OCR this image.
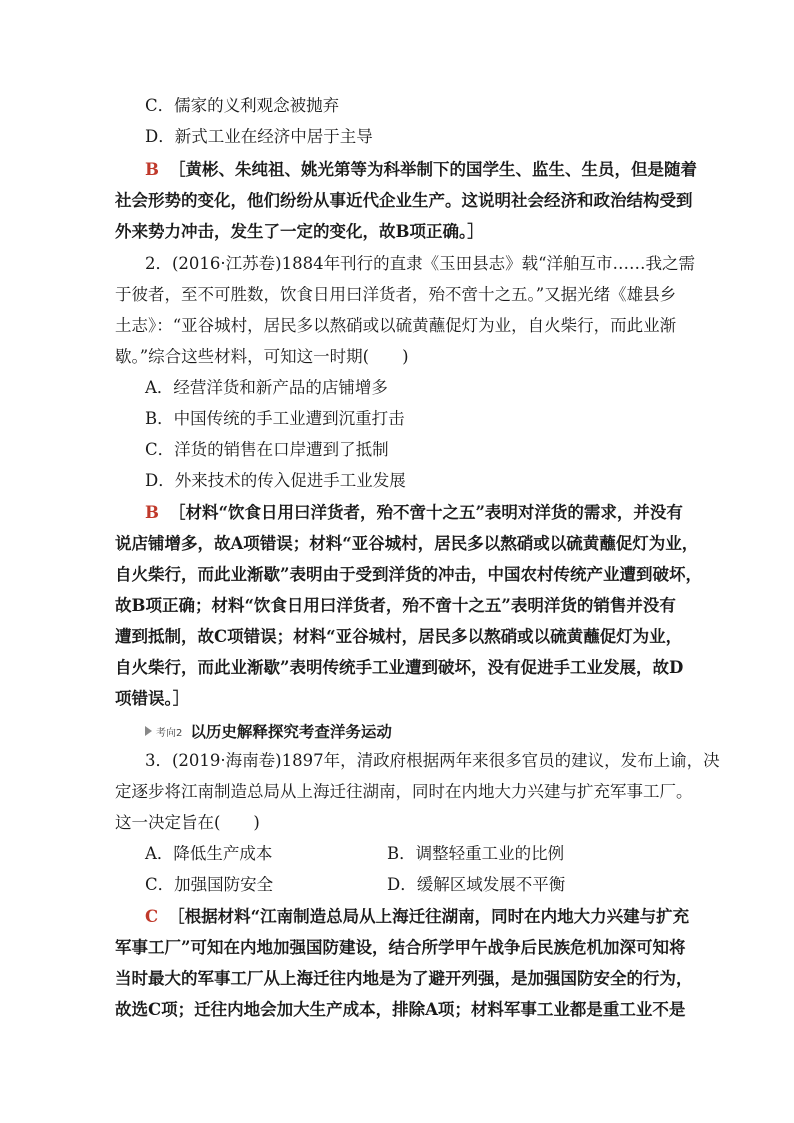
C．儒家的义利观念被抛弃
D．新式工业在经济中居于主导
B ［黄彬、朱纯祖、姚光第等为科举制下的国学生、监生、生员，但是随着
社会形势的变化，他们纷纷从事近代企业生产。这说明社会经济和政治结构受到
外来势力冲击，发生了一定的变化，故B项正确。］
2．(2016·江苏卷)1884年刊行的直隶《玉田县志》载“洋舶互市……我之需
于彼者，至不可胜数，饮食日用曰洋货者，殆不啻十之五。”又据光绪《雄县乡
土志》：“亚谷城村，居民多以熬硝或以硫黄蘸促灯为业，自火柴行，而此业渐
歇。”综合这些材料，可知这一时期(　　)
A．经营洋货和新产品的店铺增多
B．中国传统的手工业遭到沉重打击
C．洋货的销售在口岸遭到了抵制
D．外来技术的传入促进手工业发展
B ［材料“饮食日用曰洋货者，殆不啻十之五”表明对洋货的需求，并没有
说店铺增多，故A项错误；材料“亚谷城村，居民多以熬硝或以硫黄蘸促灯为业，
自火柴行，而此业渐歇”表明由于受到洋货的冲击，中国农村传统产业遭到破坏，
故B项正确；材料“饮食日用曰洋货者，殆不啻十之五”表明洋货的销售并没有
遭到抵制，故C项错误；材料“亚谷城村，居民多以熬硝或以硫黄蘸促灯为业，
自火柴行，而此业渐歇”表明传统手工业遭到破坏，没有促进手工业发展，故D
项错误。］
考向2 以历史解释探究考查洋务运动
3．(2019·海南卷)1897年，清政府根据两年来很多官员的建议，发布上谕，决
定逐步将江南制造总局从上海迁往湖南，同时在内地大力兴建与扩充军事工厂。
这一决定旨在(　　)
A．降低生产成本	B．调整轻重工业的比例
C．加强国防安全	D．缓解区域发展不平衡
C ［根据材料“江南制造总局从上海迁往湖南，同时在内地大力兴建与扩充
军事工厂”可知在内地加强国防建设，结合所学甲午战争后民族危机加深可知将
当时最大的军事工厂从上海迁往内地是为了避开列强，是加强国防安全的行为，
故选C项；迁往内地会加大生产成本，排除A项；材料军事工业都是重工业不是
